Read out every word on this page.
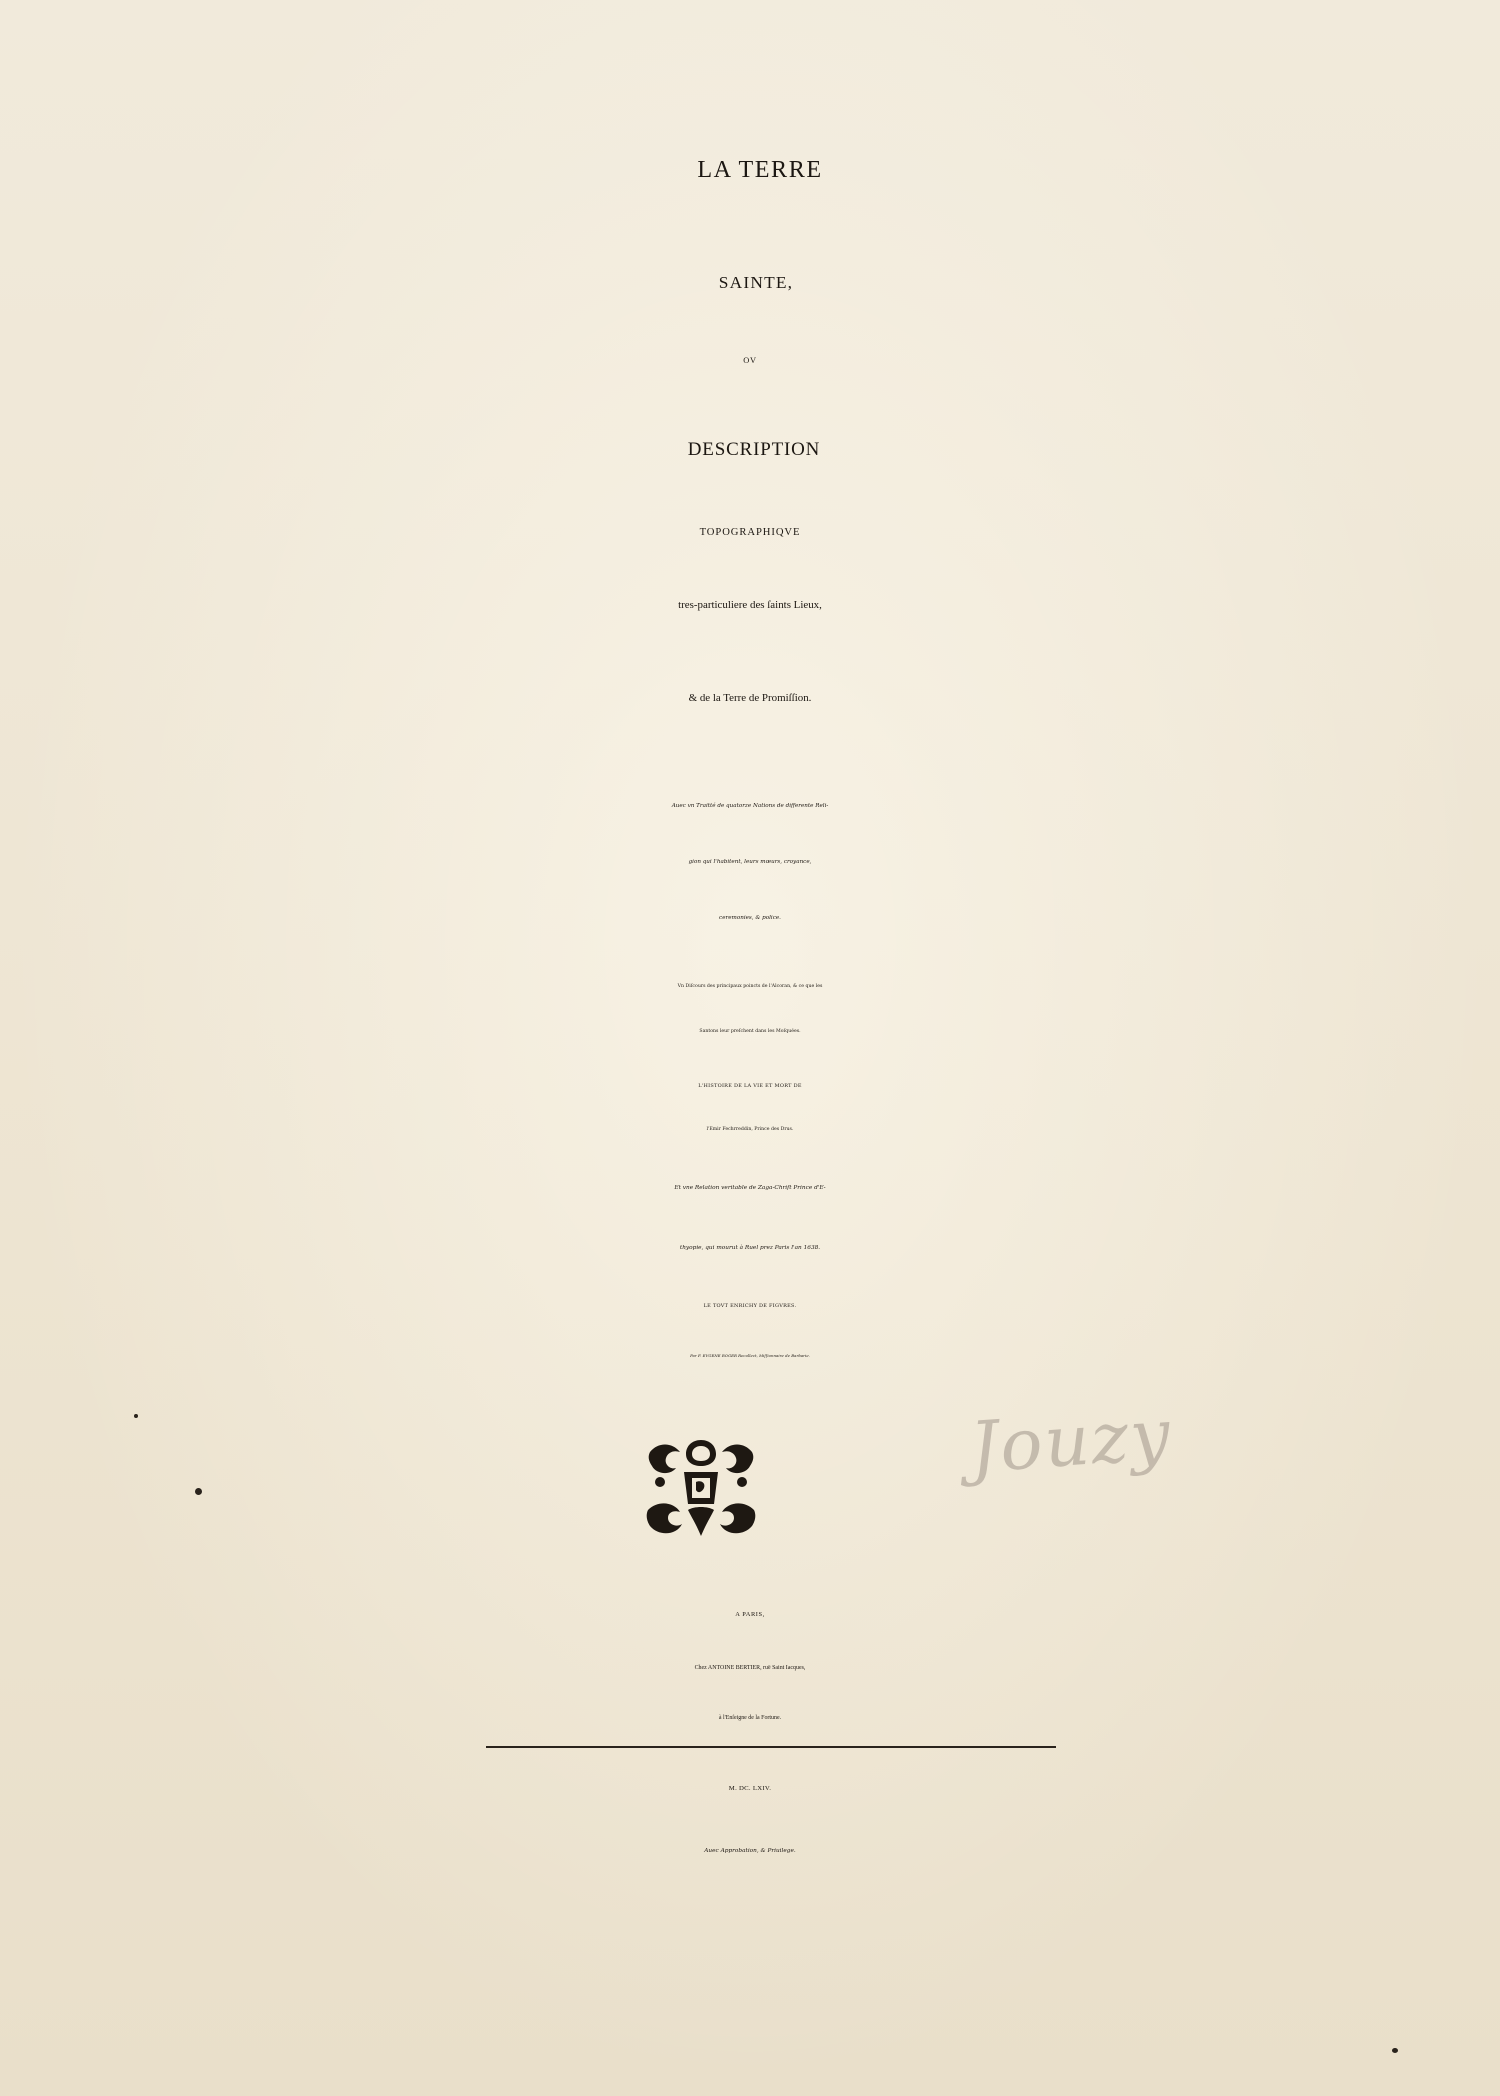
LA TERRE

SAINTE,

OV

DESCRIPTION

TOPOGRAPHIQVE

tres-particuliere des ſaints Lieux,

& de la Terre de Promiſſion.

Auec vn Traitté de quatorze Nations de differente Reli-

gion qui l'habitent, leurs mœurs, croyance,

ceremonies, & police.

Vn Diſcours des principaux poincts de l'Alcoran, & ce que les

Santons leur preſchent dans les Moſquées.

L'HISTOIRE DE LA VIE ET MORT DE

l'Emir Fechrreddin, Prince des Drus.

Et vne Relation veritable de Zaga-Chriſt Prince d'E-

thyopie, qui mourut à Ruel prez Paris l'an 1638.

LE TOVT ENRICHY DE FIGVRES.

Par F. EVGENE ROGER Recollect, Miſſionnaire de Barbarie.

Jouzy

A PARIS,

Chez ANTOINE BERTIER, ruë Saint Iacques,

à l'Enſeigne de la Fortune.

M. DC. LXIV.

Auec Approbation, & Priuilege.
